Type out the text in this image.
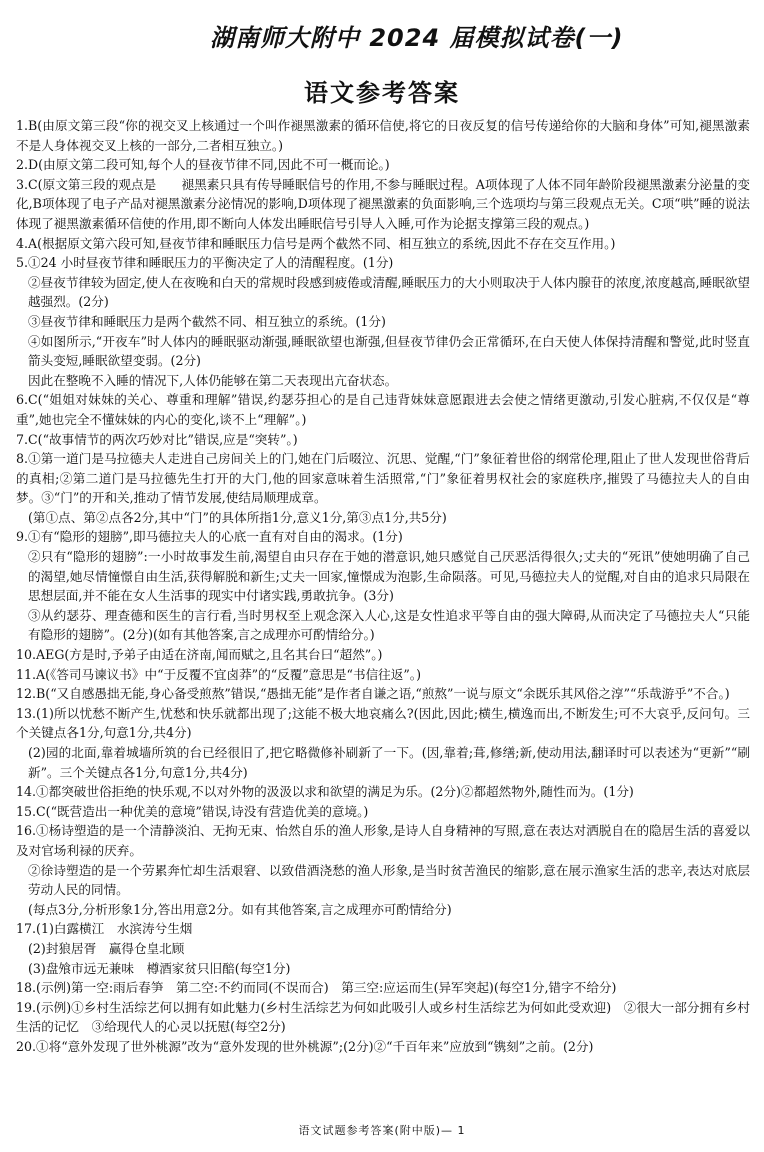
湖南师大附中 2024 届模拟试卷(一)
语文参考答案

1.B(由原文第三段“你的视交叉上核通过一个叫作褪黑激素的循环信使,将它的日夜反复的信号传递给你的大脑和身体”可知,褪黑激素不是人身体视交叉上核的一部分,二者相互独立。)

2.D(由原文第二段可知,每个人的昼夜节律不同,因此不可一概而论。)

3.C(原文第三段的观点是　　褪黑素只具有传导睡眠信号的作用,不参与睡眠过程。A项体现了人体不同年龄阶段褪黑激素分泌量的变化,B项体现了电子产品对褪黑激素分泌情况的影响,D项体现了褪黑激素的负面影响,三个选项均与第三段观点无关。C项“哄”睡的说法体现了褪黑激素循环信使的作用,即不断向人体发出睡眠信号引导人入睡,可作为论据支撑第三段的观点。)

4.A(根据原文第六段可知,昼夜节律和睡眠压力信号是两个截然不同、相互独立的系统,因此不存在交互作用。)

5.①24 小时昼夜节律和睡眠压力的平衡决定了人的清醒程度。(1分)

②昼夜节律较为固定,使人在夜晚和白天的常规时段感到疲倦或清醒,睡眠压力的大小则取决于人体内腺苷的浓度,浓度越高,睡眠欲望越强烈。(2分)

③昼夜节律和睡眠压力是两个截然不同、相互独立的系统。(1分)

④如图所示,“开夜车”时人体内的睡眠驱动渐强,睡眠欲望也渐强,但昼夜节律仍会正常循环,在白天使人体保持清醒和警觉,此时竖直箭头变短,睡眠欲望变弱。(2分)

因此在整晚不入睡的情况下,人体仍能够在第二天表现出亢奋状态。

6.C(“姐姐对妹妹的关心、尊重和理解”错误,约瑟芬担心的是自己违背妹妹意愿跟进去会使之情绪更激动,引发心脏病,不仅仅是“尊重”,她也完全不懂妹妹的内心的变化,谈不上“理解”。)

7.C(“故事情节的两次巧妙对比”错误,应是“突转”。)

8.①第一道门是马拉德夫人走进自己房间关上的门,她在门后啜泣、沉思、觉醒,“门”象征着世俗的纲常伦理,阻止了世人发现世俗背后的真相;②第二道门是马拉德先生打开的大门,他的回家意味着生活照常,“门”象征着男权社会的家庭秩序,摧毁了马德拉夫人的自由梦。③“门”的开和关,推动了情节发展,使结局顺理成章。

(第①点、第②点各2分,其中“门”的具体所指1分,意义1分,第③点1分,共5分)

9.①有“隐形的翅膀”,即马德拉夫人的心底一直有对自由的渴求。(1分)

②只有“隐形的翅膀”:一小时故事发生前,渴望自由只存在于她的潜意识,她只感觉自己厌恶活得很久;丈夫的“死讯”使她明确了自己的渴望,她尽情憧憬自由生活,获得解脱和新生;丈夫一回家,憧憬成为泡影,生命陨落。可见,马德拉夫人的觉醒,对自由的追求只局限在思想层面,并不能在女人生活事的现实中付诸实践,勇敢抗争。(3分)

③从约瑟芬、理查德和医生的言行看,当时男权至上观念深入人心,这是女性追求平等自由的强大障碍,从而决定了马德拉夫人“只能有隐形的翅膀”。(2分)(如有其他答案,言之成理亦可酌情给分。)

10.AEG(方是时,予弟子由适在济南,闻而赋之,且名其台曰“超然”。)

11.A(《答司马谏议书》中“于反覆不宜卤莽”的“反覆”意思是“书信往返”。)

12.B(“又自感愚拙无能,身心备受煎熬”错误,“愚拙无能”是作者自谦之语,“煎熬”一说与原文“余既乐其风俗之淳”“乐哉游乎”不合。)

13.(1)所以忧愁不断产生,忧愁和快乐就都出现了;这能不极大地哀痛么?(因此,因此;横生,横逸而出,不断发生;可不大哀乎,反问句。三个关键点各1分,句意1分,共4分)

(2)园的北面,靠着城墙所筑的台已经很旧了,把它略微修补刷新了一下。(因,靠着;葺,修缮;新,使动用法,翻译时可以表述为“更新”“刷新”。三个关键点各1分,句意1分,共4分)

14.①都突破世俗拒绝的快乐观,不以对外物的汲汲以求和欲望的满足为乐。(2分)②都超然物外,随性而为。(1分)

15.C(“既营造出一种优美的意境”错误,诗没有营造优美的意境。)

16.①杨诗塑造的是一个清静淡泊、无拘无束、怡然自乐的渔人形象,是诗人自身精神的写照,意在表达对洒脱自在的隐居生活的喜爱以及对官场利禄的厌弃。

②徐诗塑造的是一个劳累奔忙却生活艰窘、以致借酒浇愁的渔人形象,是当时贫苦渔民的缩影,意在展示渔家生活的悲辛,表达对底层劳动人民的同情。

(每点3分,分析形象1分,答出用意2分。如有其他答案,言之成理亦可酌情给分)

17.(1)白露横江　水滨涛兮生烟

(2)封狼居胥　赢得仓皇北顾

(3)盘飧市远无兼味　樽酒家贫只旧醅(每空1分)

18.(示例)第一空:雨后春笋　第二空:不约而同(不误而合)　第三空:应运而生(异军突起)(每空1分,错字不给分)

19.(示例)①乡村生活综艺何以拥有如此魅力(乡村生活综艺为何如此吸引人或乡村生活综艺为何如此受欢迎)　②很大一部分拥有乡村生活的记忆　③给现代人的心灵以抚慰(每空2分)

20.①将“意外发现了世外桃源”改为“意外发现的世外桃源”;(2分)②“千百年来”应放到“镌刻”之前。(2分)

语文试题参考答案(附中版)— 1
